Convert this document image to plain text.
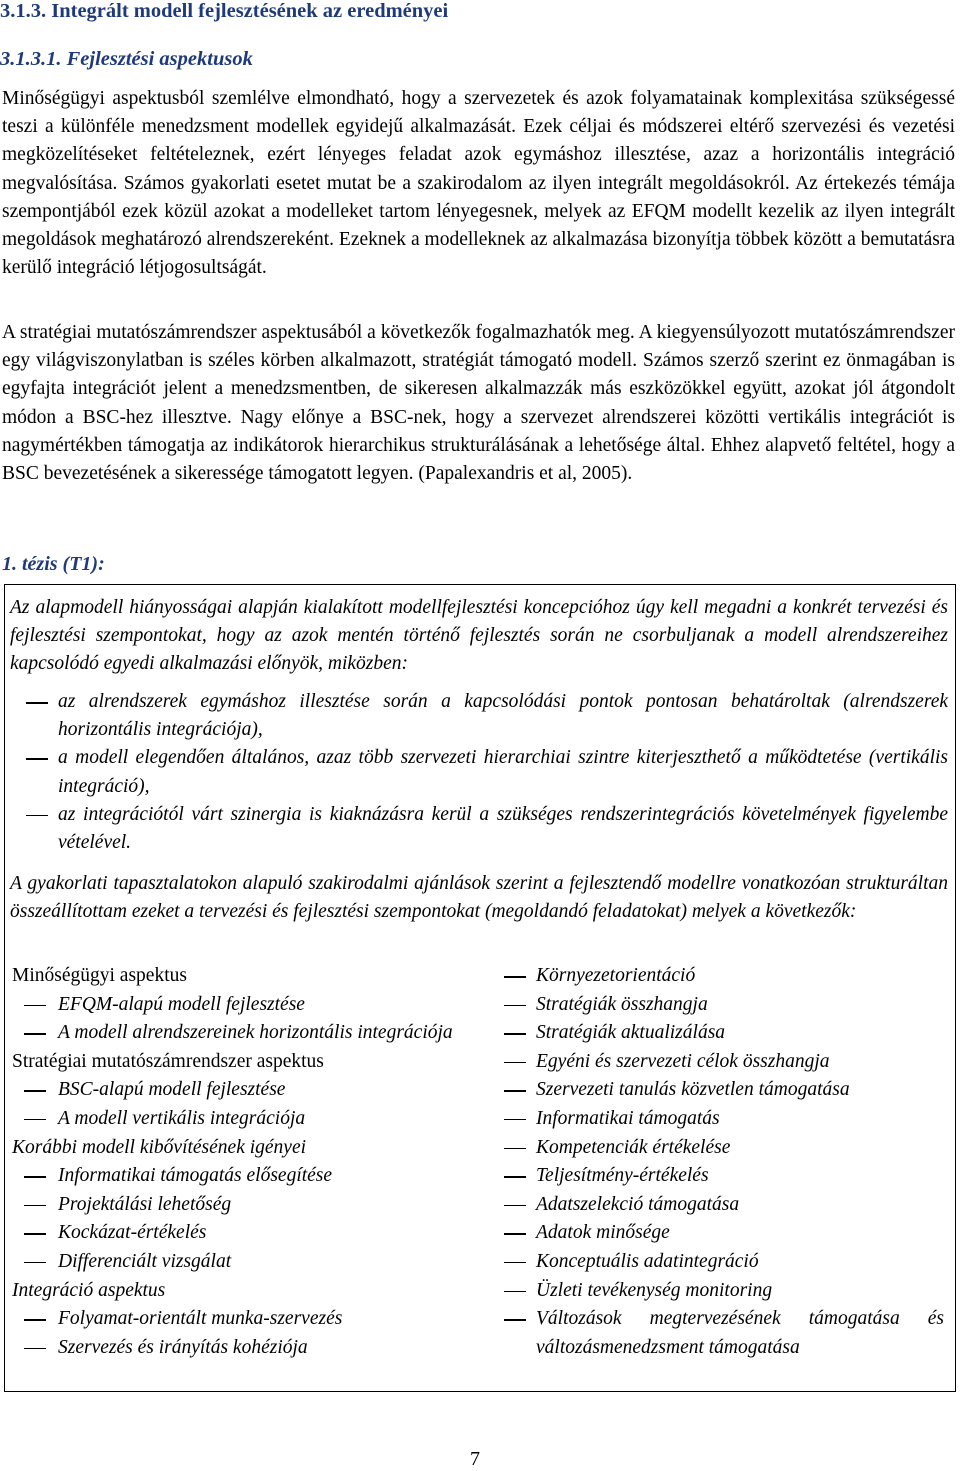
3.1.3. Integrált modell fejlesztésének az eredményei
3.1.3.1. Fejlesztési aspektusok

Minőségügyi aspektusból szemlélve elmondható, hogy a szervezetek és azok folyamatainak komplexitása szükségessé teszi a különféle menedzsment modellek egyidejű alkalmazását. Ezek céljai és módszerei eltérő szervezési és vezetési megközelítéseket feltételeznek, ezért lényeges feladat azok egymáshoz illesztése, azaz a horizontális integráció megvalósítása. Számos gyakorlati esetet mutat be a szakirodalom az ilyen integrált megoldásokról. Az értekezés témája szempontjából ezek közül azokat a modelleket tartom lényegesnek, melyek az EFQM modellt kezelik az ilyen integrált megoldások meghatározó alrendszereként. Ezeknek a modelleknek az alkalmazása bizonyítja többek között a bemutatásra kerülő integráció létjogosultságát.

A stratégiai mutatószámrendszer aspektusából a következők fogalmazhatók meg. A kiegyensúlyozott mutatószámrendszer egy világviszonylatban is széles körben alkalmazott, stratégiát támogató modell. Számos szerző szerint ez önmagában is egyfajta integrációt jelent a menedzsmentben, de sikeresen alkalmazzák más eszközökkel együtt, azokat jól átgondolt módon a BSC-hez illesztve. Nagy előnye a BSC-nek, hogy a szervezet alrendszerei közötti vertikális integrációt is nagymértékben támogatja az indikátorok hierarchikus strukturálásának a lehetősége által. Ehhez alapvető feltétel, hogy a BSC bevezetésének a sikeressége támogatott legyen. (Papalexandris et al, 2005).

1. tézis (T1):

Az alapmodell hiányosságai alapján kialakított modellfejlesztési koncepcióhoz úgy kell megadni a konkrét tervezési és fejlesztési szempontokat, hogy az azok mentén történő fejlesztés során ne csorbuljanak a modell alrendszereihez kapcsolódó egyedi alkalmazási előnyök, miközben:

az alrendszerek egymáshoz illesztése során a kapcsolódási pontok pontosan behatároltak (alrendszerek horizontális integrációja),
a modell elegendően általános, azaz több szervezeti hierarchiai szintre kiterjeszthető a működtetése (vertikális integráció),
az integrációtól várt szinergia is kiaknázásra kerül a szükséges rendszerintegrációs követelmények figyelembe vételével.

A gyakorlati tapasztalatokon alapuló szakirodalmi ajánlások szerint a fejlesztendő modellre vonatkozóan strukturáltan összeállítottam ezeket a tervezési és fejlesztési szempontokat (megoldandó feladatokat) melyek a következők:

Minőségügyi aspektus
EFQM-alapú modell fejlesztése
A modell alrendszereinek horizontális integrációja
Stratégiai mutatószámrendszer aspektus
BSC-alapú modell fejlesztése
A modell vertikális integrációja
Korábbi modell kibővítésének igényei
Informatikai támogatás elősegítése
Projektálási lehetőség
Kockázat-értékelés
Differenciált vizsgálat
Integráció aspektus
Folyamat-orientált munka-szervezés
Szervezés és irányítás kohéziója
Környezetorientáció
Stratégiák összhangja
Stratégiák aktualizálása
Egyéni és szervezeti célok összhangja
Szervezeti tanulás közvetlen támogatása
Informatikai támogatás
Kompetenciák értékelése
Teljesítmény-értékelés
Adatszelekció támogatása
Adatok minősége
Konceptuális adatintegráció
Üzleti tevékenység monitoring
Változások megtervezésének támogatása és változásmenedzsment támogatása
7
